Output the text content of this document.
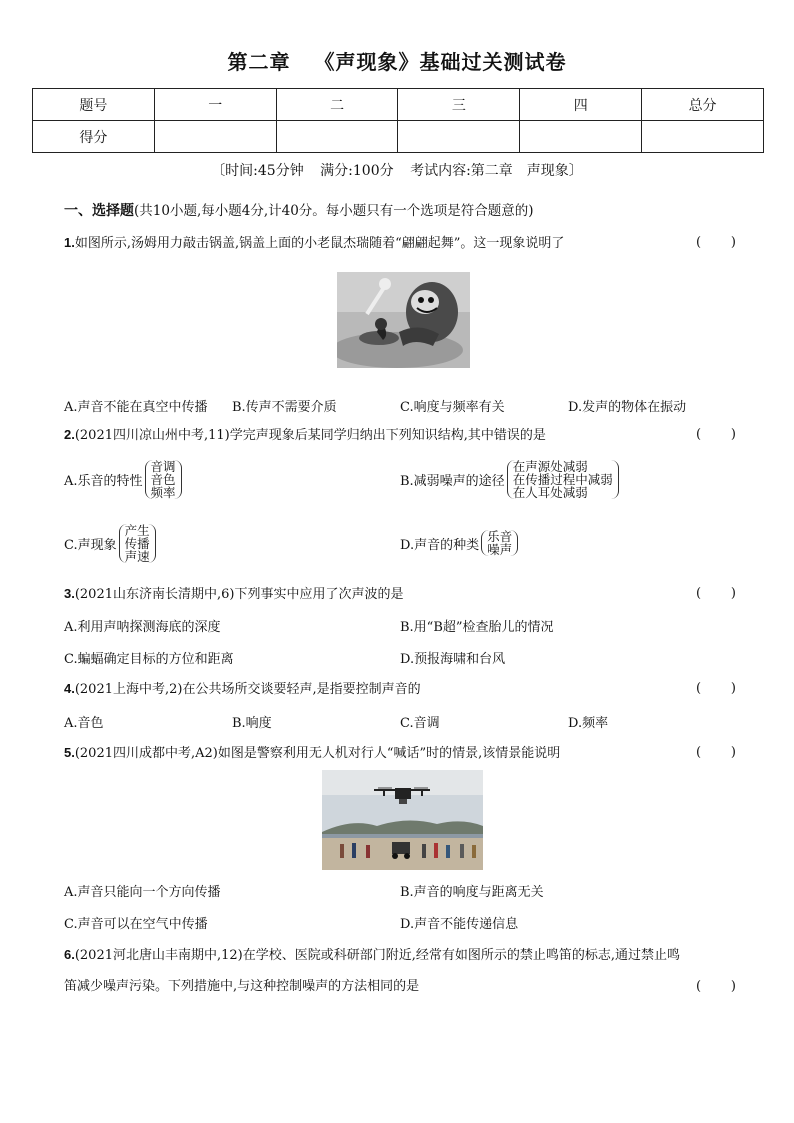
第二章 《声现象》基础过关测试卷
题号	一	二	三	四	总分
得分					
〔时间:45分钟 满分:100分 考试内容:第二章　声现象〕
一、选择题(共10小题,每小题4分,计40分。每小题只有一个选项是符合题意的)
1.如图所示,汤姆用力敲击锅盖,锅盖上面的小老鼠杰瑞随着“翩翩起舞”。这一现象说明了	( )
A.声音不能在真空中传播 B.传声不需要介质	C.响度与频率有关	D.发声的物体在振动
2.(2021四川凉山州中考,11)学完声现象后某同学归纳出下列知识结构,其中错误的是	( )
A.乐音的特性
音调
音色
频率
B.减弱噪声的途径
在声源处减弱
在传播过程中减弱
在人耳处减弱
C.声现象
产生
传播
声速
D.声音的种类
乐音
噪声
3.(2021山东济南长清期中,6)下列事实中应用了次声波的是	( )
A.利用声呐探测海底的深度	B.用“B超”检查胎儿的情况
C.蝙蝠确定目标的方位和距离	D.预报海啸和台风
4.(2021上海中考,2)在公共场所交谈要轻声,是指要控制声音的	( )
A.音色	B.响度	C.音调	D.频率
5.(2021四川成都中考,A2)如图是警察利用无人机对行人“喊话”时的情景,该情景能说明	( )
A.声音只能向一个方向传播	B.声音的响度与距离无关
C.声音可以在空气中传播	D.声音不能传递信息
6.(2021河北唐山丰南期中,12)在学校、医院或科研部门附近,经常有如图所示的禁止鸣笛的标志,通过禁止鸣
笛减少噪声污染。下列措施中,与这种控制噪声的方法相同的是	( )
